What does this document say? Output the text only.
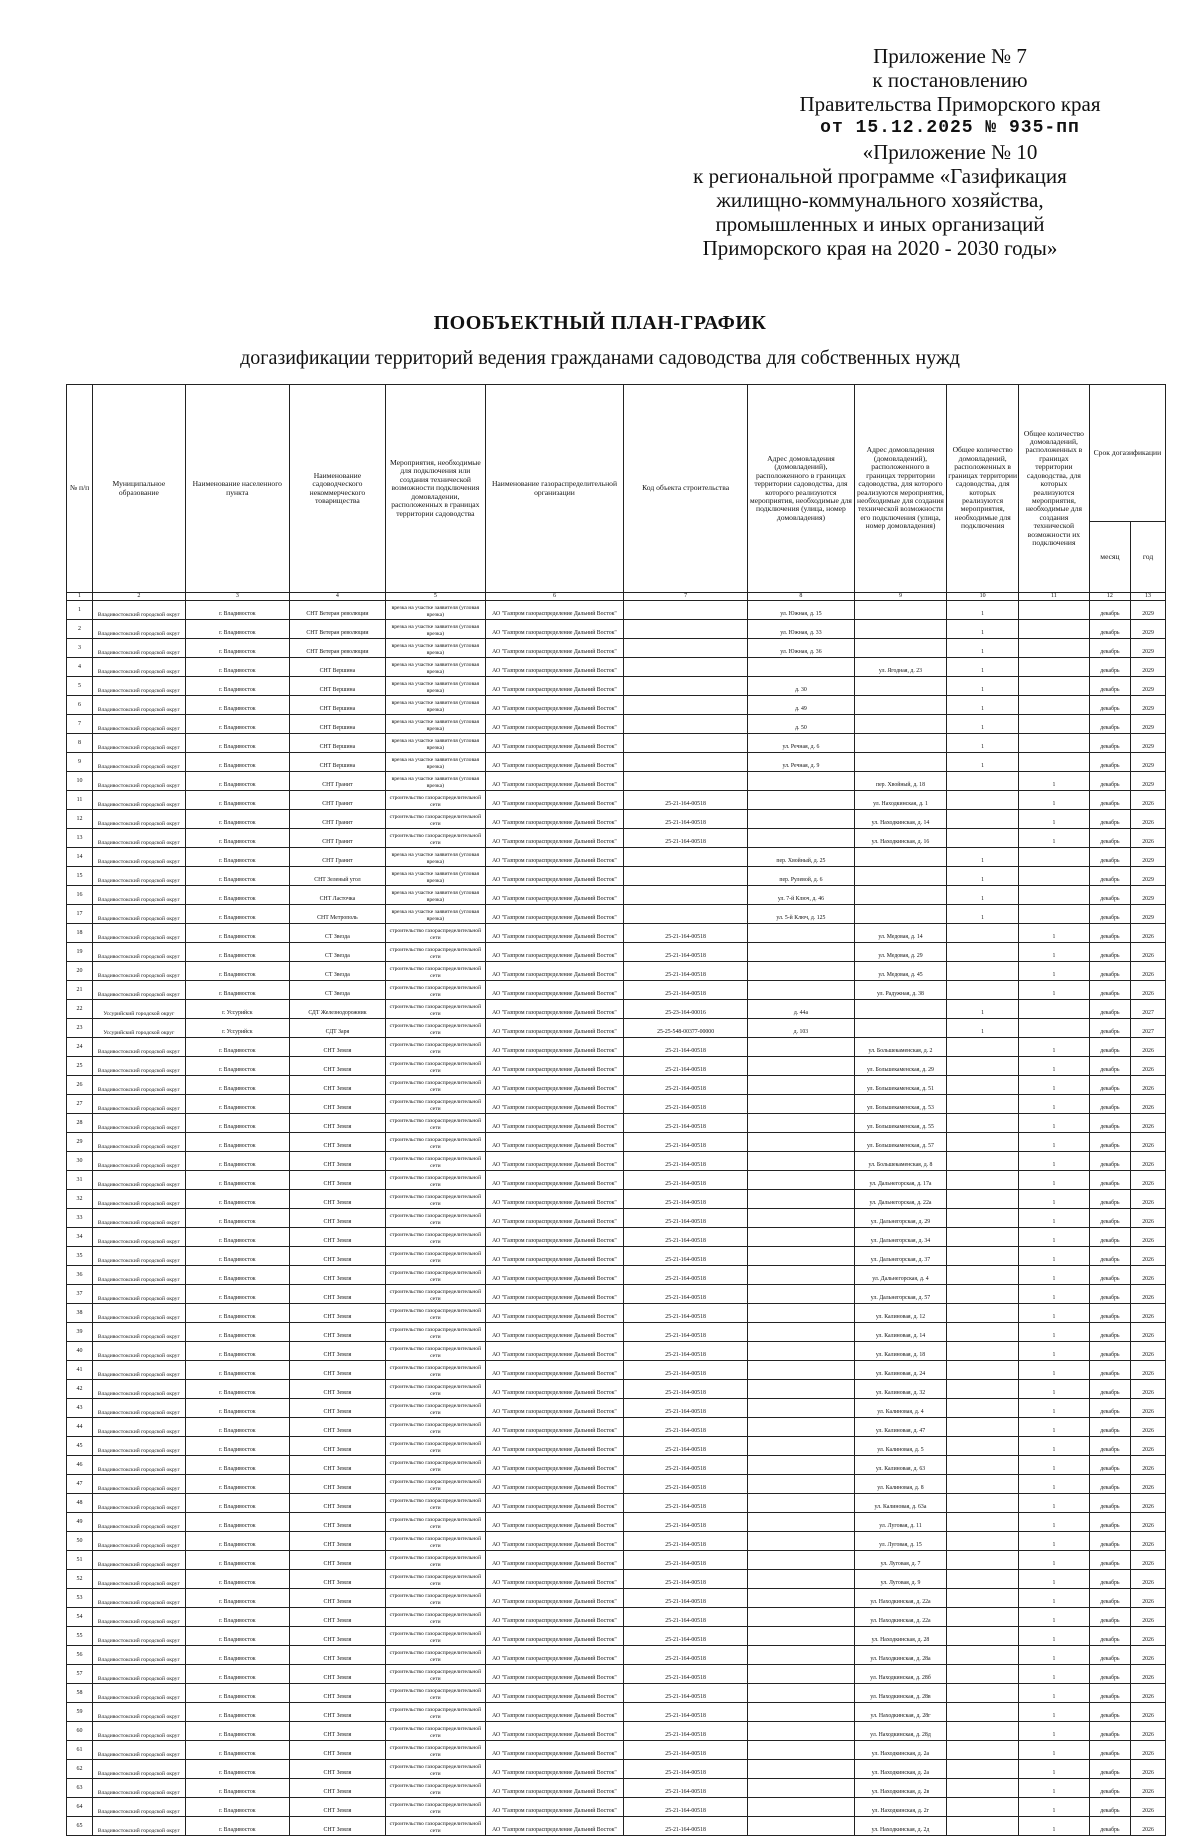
Приложение № 7
к постановлению
Правительства Приморского края
от 15.12.2025 № 935-пп
«Приложение № 10
к региональной программе «Газификация
жилищно-коммунального хозяйства,
промышленных и иных организаций
Приморского края на 2020 - 2030 годы»
ПООБЪЕКТНЫЙ ПЛАН-ГРАФИК
догазификации территорий ведения гражданами садоводства для собственных нужд
№ п/п	Муниципальное образование	Наименование населенного пункта	Наименование садоводческого некоммерческого товарищества	Мероприятия, необходимые для подключения или создания технической возможности подключения домовладении, расположенных в границах территории садоводства	Наименование газораспределительной организации	Код объекта строительства	Адрес домовладения (домовладений), расположенного в границах территории садоводства, для которого реализуются мероприятия, необходимые для подключения (улица, номер домовладения)	Адрес домовладения (домовладений), расположенного в границах территории садоводства, для которого реализуются мероприятия, необходимые для создания технической возможности его подключения (улица, номер домовладения)	Общее количество домовладений, расположенных в границах территории садоводства, для которых реализуются мероприятия, необходимые для подключения	Общее количество домовладений, расположенных в границах территории садоводства, для которых реализуются мероприятия, необходимые для создания технической возможности их подключения	Срок догазификации	
											месяц	год
1	2	3	4	5	6	7	8	9	10	11	12	13
1	Владивостокский городской округ	г. Владивосток	СНТ Ветеран революции	врезка на участке заявителя (угловая врезка)	АО "Газпром газораспределение Дальний Восток"		ул. Южная, д. 15		1		декабрь	2029
2	Владивостокский городской округ	г. Владивосток	СНТ Ветеран революции	врезка на участке заявителя (угловая врезка)	АО "Газпром газораспределение Дальний Восток"		ул. Южная, д. 33		1		декабрь	2029
3	Владивостокский городской округ	г. Владивосток	СНТ Ветеран революции	врезка на участке заявителя (угловая врезка)	АО "Газпром газораспределение Дальний Восток"		ул. Южная, д. 36		1		декабрь	2029
4	Владивостокский городской округ	г. Владивосток	СНТ Вершина	врезка на участке заявителя (угловая врезка)	АО "Газпром газораспределение Дальний Восток"			ул. Ягодная, д. 23	1		декабрь	2029
5	Владивостокский городской округ	г. Владивосток	СНТ Вершина	врезка на участке заявителя (угловая врезка)	АО "Газпром газораспределение Дальний Восток"		д. 30		1		декабрь	2029
6	Владивостокский городской округ	г. Владивосток	СНТ Вершина	врезка на участке заявителя (угловая врезка)	АО "Газпром газораспределение Дальний Восток"		д. 49		1		декабрь	2029
7	Владивостокский городской округ	г. Владивосток	СНТ Вершина	врезка на участке заявителя (угловая врезка)	АО "Газпром газораспределение Дальний Восток"		д. 50		1		декабрь	2029
8	Владивостокский городской округ	г. Владивосток	СНТ Вершина	врезка на участке заявителя (угловая врезка)	АО "Газпром газораспределение Дальний Восток"		ул. Речная, д. 6		1		декабрь	2029
9	Владивостокский городской округ	г. Владивосток	СНТ Вершина	врезка на участке заявителя (угловая врезка)	АО "Газпром газораспределение Дальний Восток"		ул. Речная, д. 9		1		декабрь	2029
10	Владивостокский городской округ	г. Владивосток	СНТ Гранит	врезка на участке заявителя (угловая врезка)	АО "Газпром газораспределение Дальний Восток"			пер. Хвойный, д. 18		1	декабрь	2029
11	Владивостокский городской округ	г. Владивосток	СНТ Гранит	строительство газораспределительной сети	АО "Газпром газораспределение Дальний Восток"	25-21-164-00518		ул. Находкинская, д. 1		1	декабрь	2026
12	Владивостокский городской округ	г. Владивосток	СНТ Гранит	строительство газораспределительной сети	АО "Газпром газораспределение Дальний Восток"	25-21-164-00518		ул. Находкинская, д. 14		1	декабрь	2026
13	Владивостокский городской округ	г. Владивосток	СНТ Гранит	строительство газораспределительной сети	АО "Газпром газораспределение Дальний Восток"	25-21-164-00518		ул. Находкинская, д. 16		1	декабрь	2026
14	Владивостокский городской округ	г. Владивосток	СНТ Гранит	врезка на участке заявителя (угловая врезка)	АО "Газпром газораспределение Дальний Восток"		пер. Хвойный, д. 25		1		декабрь	2029
15	Владивостокский городской округ	г. Владивосток	СНТ Зеленый угол	врезка на участке заявителя (угловая врезка)	АО "Газпром газораспределение Дальний Восток"		пер. Рулевой, д. 6		1		декабрь	2029
16	Владивостокский городской округ	г. Владивосток	СНТ Ласточка	врезка на участке заявителя (угловая врезка)	АО "Газпром газораспределение Дальний Восток"		ул. 7-й Ключ, д. 46		1		декабрь	2029
17	Владивостокский городской округ	г. Владивосток	СНТ Метрополь	врезка на участке заявителя (угловая врезка)	АО "Газпром газораспределение Дальний Восток"		ул. 5-й Ключ, д. 125		1		декабрь	2029
18	Владивостокский городской округ	г. Владивосток	СТ Звезда	строительство газораспределительной сети	АО "Газпром газораспределение Дальний Восток"	25-21-164-00518		ул. Медовая, д. 14		1	декабрь	2026
19	Владивостокский городской округ	г. Владивосток	СТ Звезда	строительство газораспределительной сети	АО "Газпром газораспределение Дальний Восток"	25-21-164-00518		ул. Медовая, д. 29		1	декабрь	2026
20	Владивостокский городской округ	г. Владивосток	СТ Звезда	строительство газораспределительной сети	АО "Газпром газораспределение Дальний Восток"	25-21-164-00518		ул. Медовая, д. 45		1	декабрь	2026
21	Владивостокский городской округ	г. Владивосток	СТ Звезда	строительство газораспределительной сети	АО "Газпром газораспределение Дальний Восток"	25-21-164-00518		ул. Радужная, д. 38		1	декабрь	2026
22	Уссурийский городской округ	г. Уссурийск	СДТ Железнодорожник	строительство газораспределительной сети	АО "Газпром газораспределение Дальний Восток"	25-23-164-00016	д. 44а		1		декабрь	2027
23	Уссурийский городской округ	г. Уссурийск	СДТ Заря	строительство газораспределительной сети	АО "Газпром газораспределение Дальний Восток"	25-25-548-00377-00000	д. 103		1		декабрь	2027
24	Владивостокский городской округ	г. Владивосток	СНТ Земля	строительство газораспределительной сети	АО "Газпром газораспределение Дальний Восток"	25-21-164-00518		ул. Большекаменская, д. 2		1	декабрь	2026
25	Владивостокский городской округ	г. Владивосток	СНТ Земля	строительство газораспределительной сети	АО "Газпром газораспределение Дальний Восток"	25-21-164-00518		ул. Большекаменская, д. 29		1	декабрь	2026
26	Владивостокский городской округ	г. Владивосток	СНТ Земля	строительство газораспределительной сети	АО "Газпром газораспределение Дальний Восток"	25-21-164-00518		ул. Большекаменская, д. 51		1	декабрь	2026
27	Владивостокский городской округ	г. Владивосток	СНТ Земля	строительство газораспределительной сети	АО "Газпром газораспределение Дальний Восток"	25-21-164-00518		ул. Большекаменская, д. 53		1	декабрь	2026
28	Владивостокский городской округ	г. Владивосток	СНТ Земля	строительство газораспределительной сети	АО "Газпром газораспределение Дальний Восток"	25-21-164-00518		ул. Большекаменская, д. 55		1	декабрь	2026
29	Владивостокский городской округ	г. Владивосток	СНТ Земля	строительство газораспределительной сети	АО "Газпром газораспределение Дальний Восток"	25-21-164-00518		ул. Большекаменская, д. 57		1	декабрь	2026
30	Владивостокский городской округ	г. Владивосток	СНТ Земля	строительство газораспределительной сети	АО "Газпром газораспределение Дальний Восток"	25-21-164-00518		ул. Большекаменская, д. 8		1	декабрь	2026
31	Владивостокский городской округ	г. Владивосток	СНТ Земля	строительство газораспределительной сети	АО "Газпром газораспределение Дальний Восток"	25-21-164-00518		ул. Дальнегорская, д. 17а		1	декабрь	2026
32	Владивостокский городской округ	г. Владивосток	СНТ Земля	строительство газораспределительной сети	АО "Газпром газораспределение Дальний Восток"	25-21-164-00518		ул. Дальнегорская, д. 22а		1	декабрь	2026
33	Владивостокский городской округ	г. Владивосток	СНТ Земля	строительство газораспределительной сети	АО "Газпром газораспределение Дальний Восток"	25-21-164-00518		ул. Дальнегорская, д. 29		1	декабрь	2026
34	Владивостокский городской округ	г. Владивосток	СНТ Земля	строительство газораспределительной сети	АО "Газпром газораспределение Дальний Восток"	25-21-164-00518		ул. Дальнегорская, д. 34		1	декабрь	2026
35	Владивостокский городской округ	г. Владивосток	СНТ Земля	строительство газораспределительной сети	АО "Газпром газораспределение Дальний Восток"	25-21-164-00518		ул. Дальнегорская, д. 37		1	декабрь	2026
36	Владивостокский городской округ	г. Владивосток	СНТ Земля	строительство газораспределительной сети	АО "Газпром газораспределение Дальний Восток"	25-21-164-00518		ул. Дальнегорская, д. 4		1	декабрь	2026
37	Владивостокский городской округ	г. Владивосток	СНТ Земля	строительство газораспределительной сети	АО "Газпром газораспределение Дальний Восток"	25-21-164-00518		ул. Дальнегорская, д. 57		1	декабрь	2026
38	Владивостокский городской округ	г. Владивосток	СНТ Земля	строительство газораспределительной сети	АО "Газпром газораспределение Дальний Восток"	25-21-164-00518		ул. Калиновая, д. 12		1	декабрь	2026
39	Владивостокский городской округ	г. Владивосток	СНТ Земля	строительство газораспределительной сети	АО "Газпром газораспределение Дальний Восток"	25-21-164-00518		ул. Калиновая, д. 14		1	декабрь	2026
40	Владивостокский городской округ	г. Владивосток	СНТ Земля	строительство газораспределительной сети	АО "Газпром газораспределение Дальний Восток"	25-21-164-00518		ул. Калиновая, д. 18		1	декабрь	2026
41	Владивостокский городской округ	г. Владивосток	СНТ Земля	строительство газораспределительной сети	АО "Газпром газораспределение Дальний Восток"	25-21-164-00518		ул. Калиновая, д. 24		1	декабрь	2026
42	Владивостокский городской округ	г. Владивосток	СНТ Земля	строительство газораспределительной сети	АО "Газпром газораспределение Дальний Восток"	25-21-164-00518		ул. Калиновая, д. 32		1	декабрь	2026
43	Владивостокский городской округ	г. Владивосток	СНТ Земля	строительство газораспределительной сети	АО "Газпром газораспределение Дальний Восток"	25-21-164-00518		ул. Калиновая, д. 4		1	декабрь	2026
44	Владивостокский городской округ	г. Владивосток	СНТ Земля	строительство газораспределительной сети	АО "Газпром газораспределение Дальний Восток"	25-21-164-00518		ул. Калиновая, д. 47		1	декабрь	2026
45	Владивостокский городской округ	г. Владивосток	СНТ Земля	строительство газораспределительной сети	АО "Газпром газораспределение Дальний Восток"	25-21-164-00518		ул. Калиновая, д. 5		1	декабрь	2026
46	Владивостокский городской округ	г. Владивосток	СНТ Земля	строительство газораспределительной сети	АО "Газпром газораспределение Дальний Восток"	25-21-164-00518		ул. Калиновая, д. 63		1	декабрь	2026
47	Владивостокский городской округ	г. Владивосток	СНТ Земля	строительство газораспределительной сети	АО "Газпром газораспределение Дальний Восток"	25-21-164-00518		ул. Калиновая, д. 8		1	декабрь	2026
48	Владивостокский городской округ	г. Владивосток	СНТ Земля	строительство газораспределительной сети	АО "Газпром газораспределение Дальний Восток"	25-21-164-00518		ул. Калиновая, д. 63а		1	декабрь	2026
49	Владивостокский городской округ	г. Владивосток	СНТ Земля	строительство газораспределительной сети	АО "Газпром газораспределение Дальний Восток"	25-21-164-00518		ул. Луговая, д. 11		1	декабрь	2026
50	Владивостокский городской округ	г. Владивосток	СНТ Земля	строительство газораспределительной сети	АО "Газпром газораспределение Дальний Восток"	25-21-164-00518		ул. Луговая, д. 15		1	декабрь	2026
51	Владивостокский городской округ	г. Владивосток	СНТ Земля	строительство газораспределительной сети	АО "Газпром газораспределение Дальний Восток"	25-21-164-00518		ул. Луговая, д. 7		1	декабрь	2026
52	Владивостокский городской округ	г. Владивосток	СНТ Земля	строительство газораспределительной сети	АО "Газпром газораспределение Дальний Восток"	25-21-164-00518		ул. Луговая, д. 9		1	декабрь	2026
53	Владивостокский городской округ	г. Владивосток	СНТ Земля	строительство газораспределительной сети	АО "Газпром газораспределение Дальний Восток"	25-21-164-00518		ул. Находкинская, д. 22а		1	декабрь	2026
54	Владивостокский городской округ	г. Владивосток	СНТ Земля	строительство газораспределительной сети	АО "Газпром газораспределение Дальний Восток"	25-21-164-00518		ул. Находкинская, д. 22а		1	декабрь	2026
55	Владивостокский городской округ	г. Владивосток	СНТ Земля	строительство газораспределительной сети	АО "Газпром газораспределение Дальний Восток"	25-21-164-00518		ул. Находкинская, д. 28		1	декабрь	2026
56	Владивостокский городской округ	г. Владивосток	СНТ Земля	строительство газораспределительной сети	АО "Газпром газораспределение Дальний Восток"	25-21-164-00518		ул. Находкинская, д. 28а		1	декабрь	2026
57	Владивостокский городской округ	г. Владивосток	СНТ Земля	строительство газораспределительной сети	АО "Газпром газораспределение Дальний Восток"	25-21-164-00518		ул. Находкинская, д. 28б		1	декабрь	2026
58	Владивостокский городской округ	г. Владивосток	СНТ Земля	строительство газораспределительной сети	АО "Газпром газораспределение Дальний Восток"	25-21-164-00518		ул. Находкинская, д. 28в		1	декабрь	2026
59	Владивостокский городской округ	г. Владивосток	СНТ Земля	строительство газораспределительной сети	АО "Газпром газораспределение Дальний Восток"	25-21-164-00518		ул. Находкинская, д. 28г		1	декабрь	2026
60	Владивостокский городской округ	г. Владивосток	СНТ Земля	строительство газораспределительной сети	АО "Газпром газораспределение Дальний Восток"	25-21-164-00518		ул. Находкинская, д. 28д		1	декабрь	2026
61	Владивостокский городской округ	г. Владивосток	СНТ Земля	строительство газораспределительной сети	АО "Газпром газораспределение Дальний Восток"	25-21-164-00518		ул. Находкинская, д. 2а		1	декабрь	2026
62	Владивостокский городской округ	г. Владивосток	СНТ Земля	строительство газораспределительной сети	АО "Газпром газораспределение Дальний Восток"	25-21-164-00518		ул. Находкинская, д. 2а		1	декабрь	2026
63	Владивостокский городской округ	г. Владивосток	СНТ Земля	строительство газораспределительной сети	АО "Газпром газораспределение Дальний Восток"	25-21-164-00518		ул. Находкинская, д. 2в		1	декабрь	2026
64	Владивостокский городской округ	г. Владивосток	СНТ Земля	строительство газораспределительной сети	АО "Газпром газораспределение Дальний Восток"	25-21-164-00518		ул. Находкинская, д. 2г		1	декабрь	2026
65	Владивостокский городской округ	г. Владивосток	СНТ Земля	строительство газораспределительной сети	АО "Газпром газораспределение Дальний Восток"	25-21-164-00518		ул. Находкинская, д. 2д		1	декабрь	2026
